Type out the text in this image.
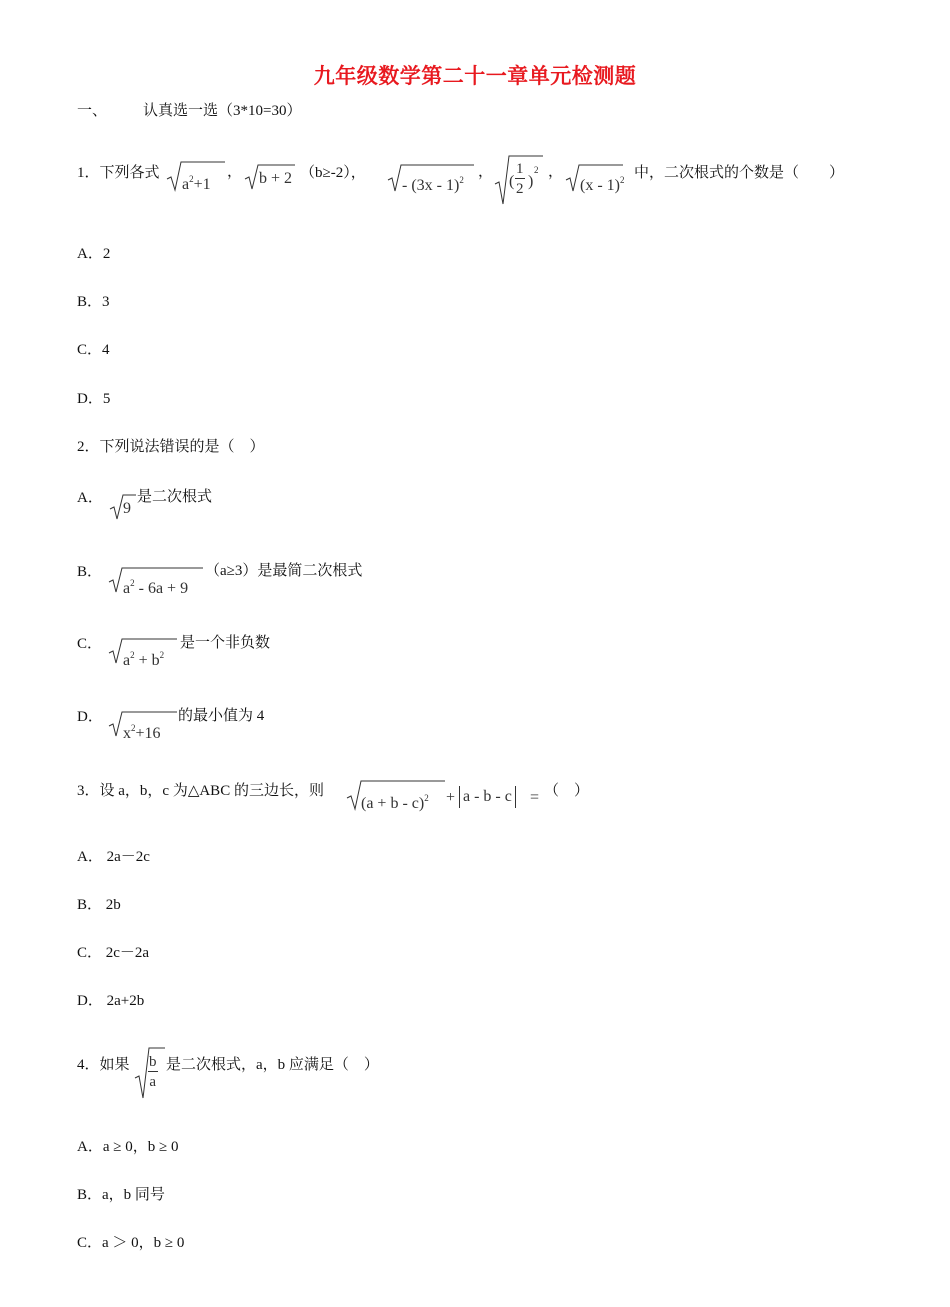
九年级数学第二十一章单元检测题
一、 认真选一选（3*10=30）
1．下列各式
$a^2+1$
， b + 2 （b≥-2），
- (3x - 1)$^2$ ，
( $\frac{1}{2}$ )
2 ，
(x - 1)$^2$ 中，二次根式的个数是（　　）
A．2
B．3
C．4
D．5
2．下列说法错误的是（　）
A．
9
是二次根式
B．
$a^2 - 6a + 9$
（a≥3）是最简二次根式
C．
$a^2 + b^2$
是一个非负数
D．
$x^2+16$
的最小值为 4
3．设 a，b，c 为△ABC 的三边长，则
$(a + b - c)^2 + a - b - c$ = （　）
A． 2a－2c
B． 2b
C． 2c－2a
D． 2a+2b
4．如果 $\frac{b}{a}$ 是二次根式，a，b 应满足（　）
A．a ≥ 0，b ≥ 0
B．a，b 同号
C．a ＞ 0，b ≥ 0
